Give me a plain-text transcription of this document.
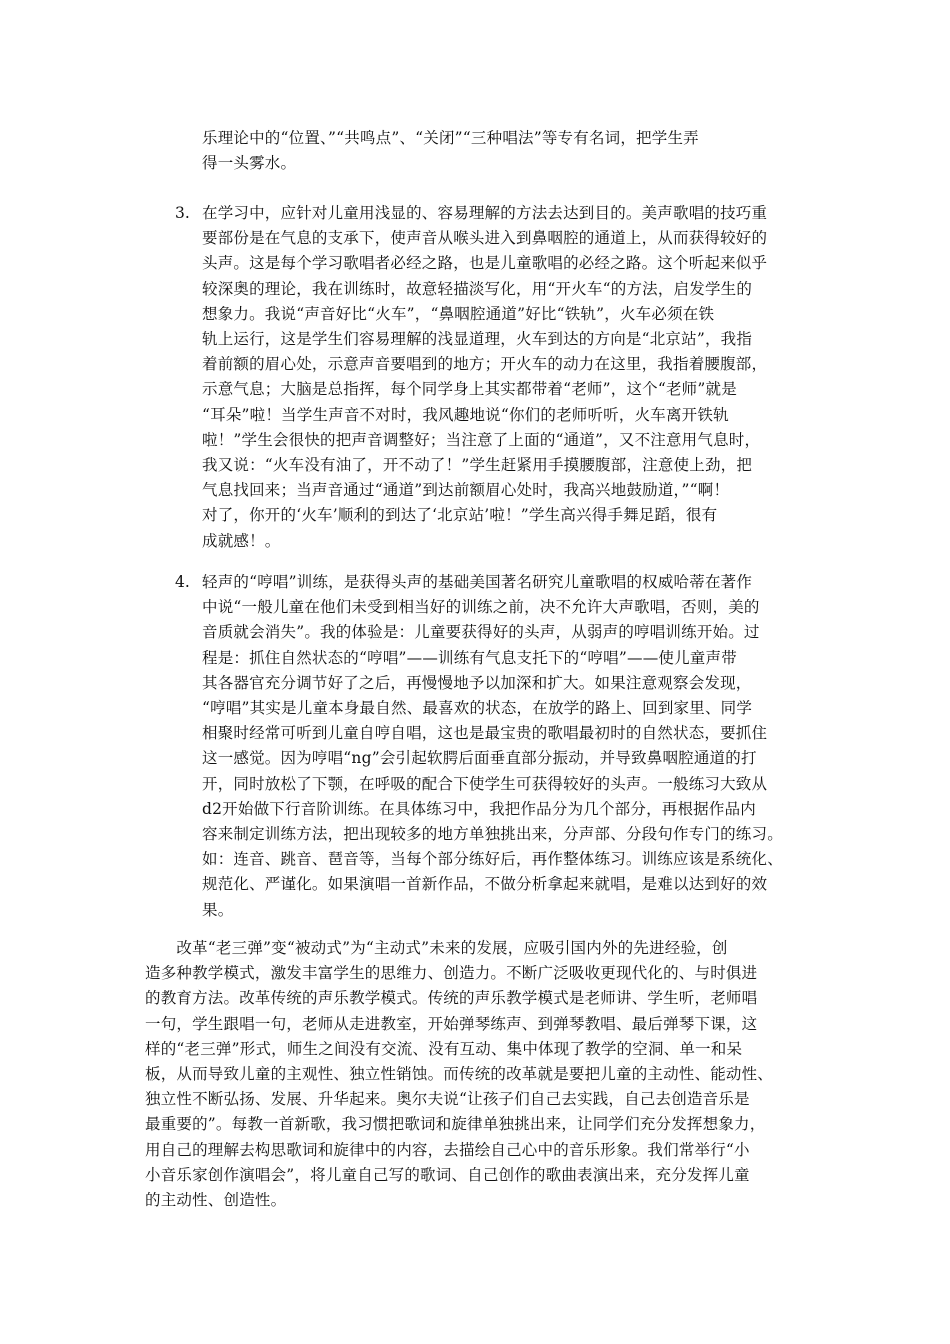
乐理论中的“位置、”“共鸣点”、“关闭”“三种唱法”等专有名词，把学生弄
得一头雾水。
3. 在学习中，应针对儿童用浅显的、容易理解的方法去达到目的。美声歌唱的技巧重
要部份是在气息的支承下，使声音从喉头进入到鼻咽腔的通道上，从而获得较好的
头声。这是每个学习歌唱者必经之路，也是儿童歌唱的必经之路。这个听起来似乎
较深奥的理论，我在训练时，故意轻描淡写化，用“开火车“的方法，启发学生的
想象力。我说“声音好比“火车”，“鼻咽腔通道”好比“铁轨”，火车必须在铁
轨上运行，这是学生们容易理解的浅显道理，火车到达的方向是“北京站”，我指
着前额的眉心处，示意声音要唱到的地方；开火车的动力在这里，我指着腰腹部，
示意气息；大脑是总指挥，每个同学身上其实都带着“老师”，这个“老师”就是
“耳朵”啦！当学生声音不对时，我风趣地说“你们的老师听听，火车离开铁轨
啦！”学生会很快的把声音调整好；当注意了上面的“通道”，又不注意用气息时，
我又说：“火车没有油了，开不动了！”学生赶紧用手摸腰腹部，注意使上劲，把
气息找回来；当声音通过“通道”到达前额眉心处时，我高兴地鼓励道，”“啊！
对了，你开的‘火车’顺利的到达了‘北京站’啦！”学生高兴得手舞足蹈，很有
成就感！。
4. 轻声的“哼唱”训练，是获得头声的基础美国著名研究儿童歌唱的权威哈蒂在著作
中说“一般儿童在他们未受到相当好的训练之前，决不允许大声歌唱，否则，美的
音质就会消失”。我的体验是：儿童要获得好的头声，从弱声的哼唱训练开始。过
程是：抓住自然状态的“哼唱”——训练有气息支托下的“哼唱”——使儿童声带
其各器官充分调节好了之后，再慢慢地予以加深和扩大。如果注意观察会发现，
“哼唱”其实是儿童本身最自然、最喜欢的状态，在放学的路上、回到家里、同学
相聚时经常可听到儿童自哼自唱，这也是最宝贵的歌唱最初时的自然状态，要抓住
这一感觉。因为哼唱“ng”会引起软腭后面垂直部分振动，并导致鼻咽腔通道的打
开，同时放松了下颚，在呼吸的配合下使学生可获得较好的头声。一般练习大致从
d2开始做下行音阶训练。在具体练习中，我把作品分为几个部分，再根据作品内
容来制定训练方法，把出现较多的地方单独挑出来，分声部、分段句作专门的练习。
如：连音、跳音、琶音等，当每个部分练好后，再作整体练习。训练应该是系统化、
规范化、严谨化。如果演唱一首新作品，不做分析拿起来就唱，是难以达到好的效
果。
　　改革“老三弹”变“被动式”为“主动式”未来的发展，应吸引国内外的先进经验，创
造多种教学模式，激发丰富学生的思维力、创造力。不断广泛吸收更现代化的、与时俱进
的教育方法。改革传统的声乐教学模式。传统的声乐教学模式是老师讲、学生听，老师唱
一句，学生跟唱一句，老师从走进教室，开始弹琴练声、到弹琴教唱、最后弹琴下课，这
样的“老三弹”形式，师生之间没有交流、没有互动、集中体现了教学的空洞、单一和呆
板，从而导致儿童的主观性、独立性销蚀。而传统的改革就是要把儿童的主动性、能动性、
独立性不断弘扬、发展、升华起来。奥尔夫说“让孩子们自己去实践，自己去创造音乐是
最重要的”。每教一首新歌，我习惯把歌词和旋律单独挑出来，让同学们充分发挥想象力，
用自己的理解去构思歌词和旋律中的内容，去描绘自己心中的音乐形象。我们常举行“小
小音乐家创作演唱会”，将儿童自己写的歌词、自己创作的歌曲表演出来，充分发挥儿童
的主动性、创造性。
